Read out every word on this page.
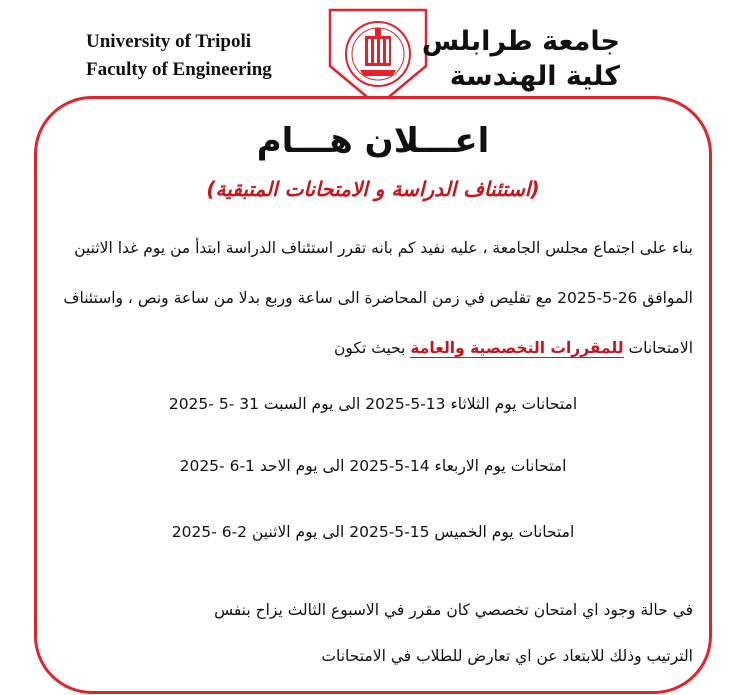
University of Tripoli
Faculty of Engineering
جامعة طرابلس
كلية الهندسة
اعـــلان هـــام
(استئناف الدراسة و الامتحانات المتبقية)
بناء على اجتماع مجلس الجامعة ، عليه نفيد كم بانه تقرر استئناف الدراسة ابتدأ من يوم غدا الاثنين
الموافق 26-5-2025 مع تقليص في زمن المحاضرة الى ساعة وربع بدلا من ساعة ونص ، واستئناف
الامتحانات للمقررات التخصصية والعامة بحيث تكون
امتحانات يوم الثلاثاء 13-5-2025 الى يوم السبت 31 -5 -2025
امتحانات يوم الاربعاء 14-5-2025 الى يوم الاحد 1-6 -2025
امتحانات يوم الخميس 15-5-2025 الى يوم الاثنين 2-6 -2025
في حالة وجود اي امتحان تخصصي كان مقرر في الاسبوع الثالث يزاح بنفس
الترتيب وذلك للابتعاد عن اي تعارض للطلاب في الامتحانات
